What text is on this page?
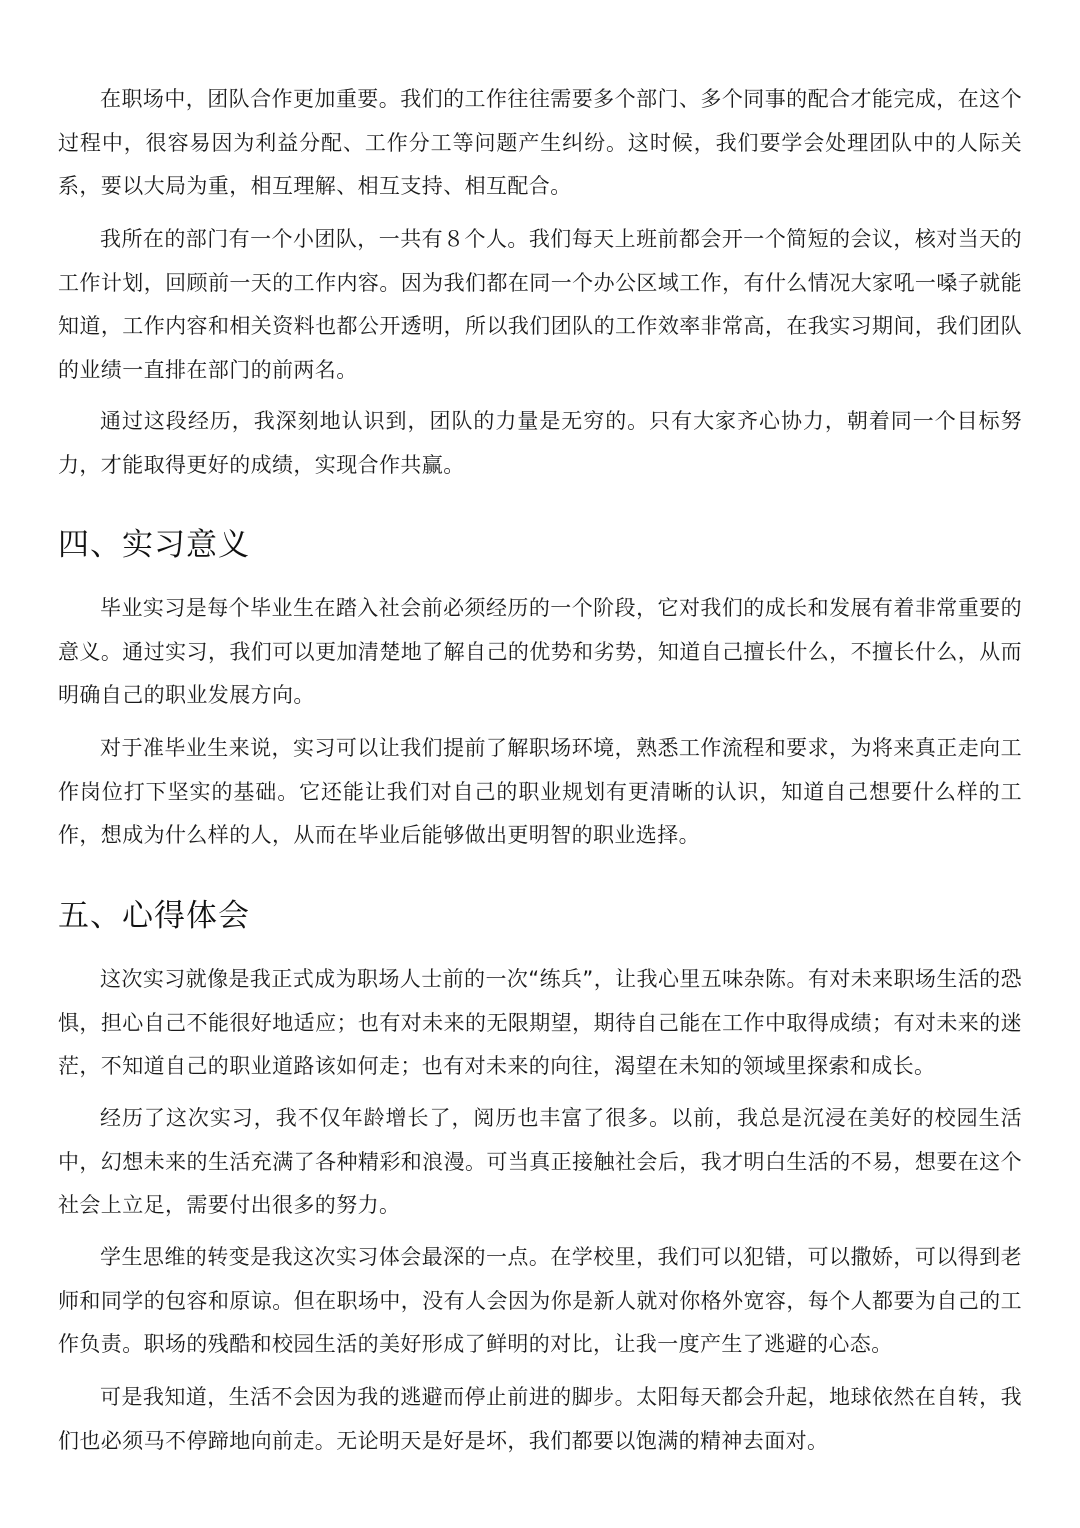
在职场中，团队合作更加重要。我们的工作往往需要多个部门、多个同事的配合才能完成，在这个过程中，很容易因为利益分配、工作分工等问题产生纠纷。这时候，我们要学会处理团队中的人际关系，要以大局为重，相互理解、相互支持、相互配合。

我所在的部门有一个小团队，一共有８个人。我们每天上班前都会开一个简短的会议，核对当天的工作计划，回顾前一天的工作内容。因为我们都在同一个办公区域工作，有什么情况大家吼一嗓子就能知道，工作内容和相关资料也都公开透明，所以我们团队的工作效率非常高，在我实习期间，我们团队的业绩一直排在部门的前两名。

通过这段经历，我深刻地认识到，团队的力量是无穷的。只有大家齐心协力，朝着同一个目标努力，才能取得更好的成绩，实现合作共赢。

四、实习意义

毕业实习是每个毕业生在踏入社会前必须经历的一个阶段，它对我们的成长和发展有着非常重要的意义。通过实习，我们可以更加清楚地了解自己的优势和劣势，知道自己擅长什么，不擅长什么，从而明确自己的职业发展方向。

对于准毕业生来说，实习可以让我们提前了解职场环境，熟悉工作流程和要求，为将来真正走向工作岗位打下坚实的基础。它还能让我们对自己的职业规划有更清晰的认识，知道自己想要什么样的工作，想成为什么样的人，从而在毕业后能够做出更明智的职业选择。

五、心得体会

这次实习就像是我正式成为职场人士前的一次“练兵”，让我心里五味杂陈。有对未来职场生活的恐惧，担心自己不能很好地适应；也有对未来的无限期望，期待自己能在工作中取得成绩；有对未来的迷茫，不知道自己的职业道路该如何走；也有对未来的向往，渴望在未知的领域里探索和成长。

经历了这次实习，我不仅年龄增长了，阅历也丰富了很多。以前，我总是沉浸在美好的校园生活中，幻想未来的生活充满了各种精彩和浪漫。可当真正接触社会后，我才明白生活的不易，想要在这个社会上立足，需要付出很多的努力。

学生思维的转变是我这次实习体会最深的一点。在学校里，我们可以犯错，可以撒娇，可以得到老师和同学的包容和原谅。但在职场中，没有人会因为你是新人就对你格外宽容，每个人都要为自己的工作负责。职场的残酷和校园生活的美好形成了鲜明的对比，让我一度产生了逃避的心态。

可是我知道，生活不会因为我的逃避而停止前进的脚步。太阳每天都会升起，地球依然在自转，我们也必须马不停蹄地向前走。无论明天是好是坏，我们都要以饱满的精神去面对。
